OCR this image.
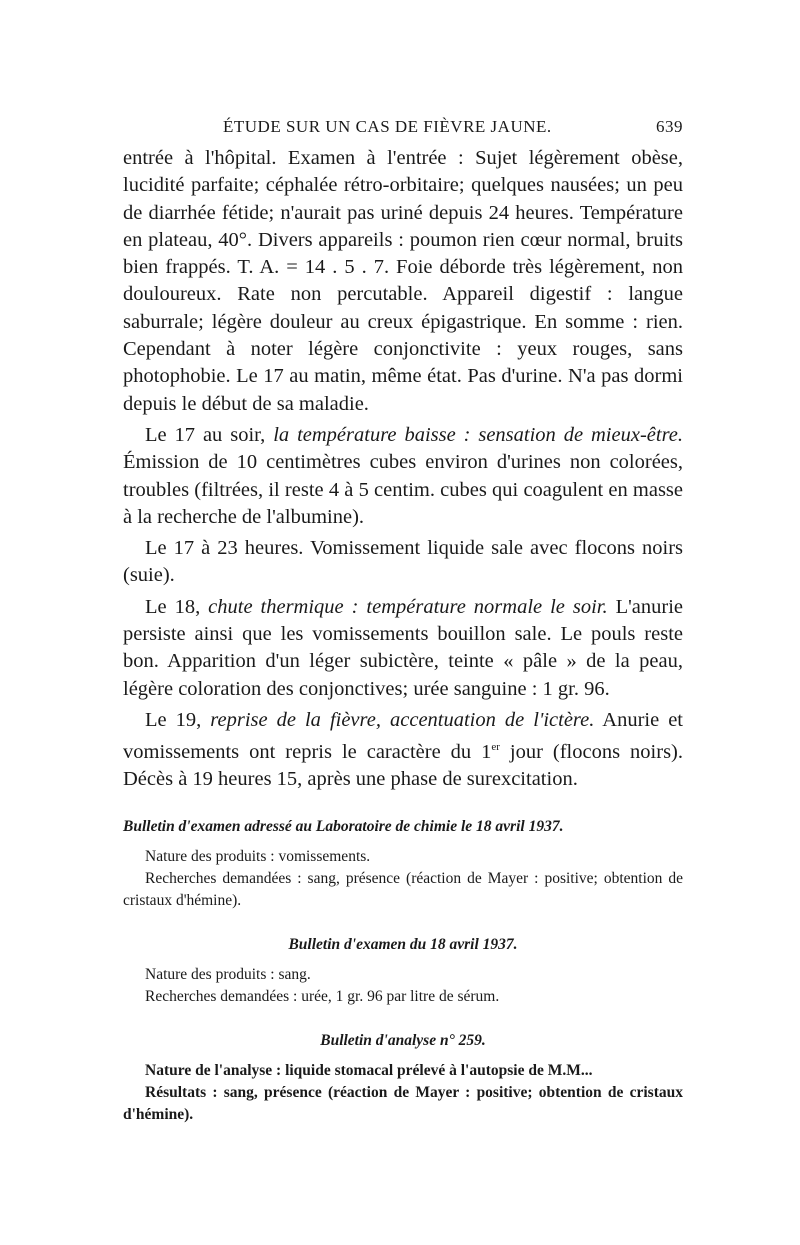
ÉTUDE SUR UN CAS DE FIÈVRE JAUNE.	639

entrée à l'hôpital. Examen à l'entrée : Sujet légèrement obèse, lucidité parfaite; céphalée rétro-orbitaire; quelques nausées; un peu de diarrhée fétide; n'aurait pas uriné depuis 24 heures. Température en plateau, 40°. Divers appareils : poumon rien cœur normal, bruits bien frappés. T. A. = 14 . 5 . 7. Foie déborde très légèrement, non douloureux. Rate non percutable. Appareil digestif : langue saburrale; légère douleur au creux épigastrique. En somme : rien. Cependant à noter légère conjonctivite : yeux rouges, sans photophobie. Le 17 au matin, même état. Pas d'urine. N'a pas dormi depuis le début de sa maladie.

Le 17 au soir, la température baisse : sensation de mieux-être. Émission de 10 centimètres cubes environ d'urines non colorées, troubles (filtrées, il reste 4 à 5 centim. cubes qui coagulent en masse à la recherche de l'albumine).

Le 17 à 23 heures. Vomissement liquide sale avec flocons noirs (suie).

Le 18, chute thermique : température normale le soir. L'anurie persiste ainsi que les vomissements bouillon sale. Le pouls reste bon. Apparition d'un léger subictère, teinte « pâle » de la peau, légère coloration des conjonctives; urée sanguine : 1 gr. 96.

Le 19, reprise de la fièvre, accentuation de l'ictère. Anurie et vomissements ont repris le caractère du 1er jour (flocons noirs). Décès à 19 heures 15, après une phase de surexcitation.

Bulletin d'examen adressé au Laboratoire de chimie le 18 avril 1937.

Nature des produits : vomissements.

Recherches demandées : sang, présence (réaction de Mayer : positive; obtention de cristaux d'hémine).

Bulletin d'examen du 18 avril 1937.

Nature des produits : sang.

Recherches demandées : urée, 1 gr. 96 par litre de sérum.

Bulletin d'analyse n° 259.

Nature de l'analyse : liquide stomacal prélevé à l'autopsie de M.M...

Résultats : sang, présence (réaction de Mayer : positive; obtention de cristaux d'hémine).
